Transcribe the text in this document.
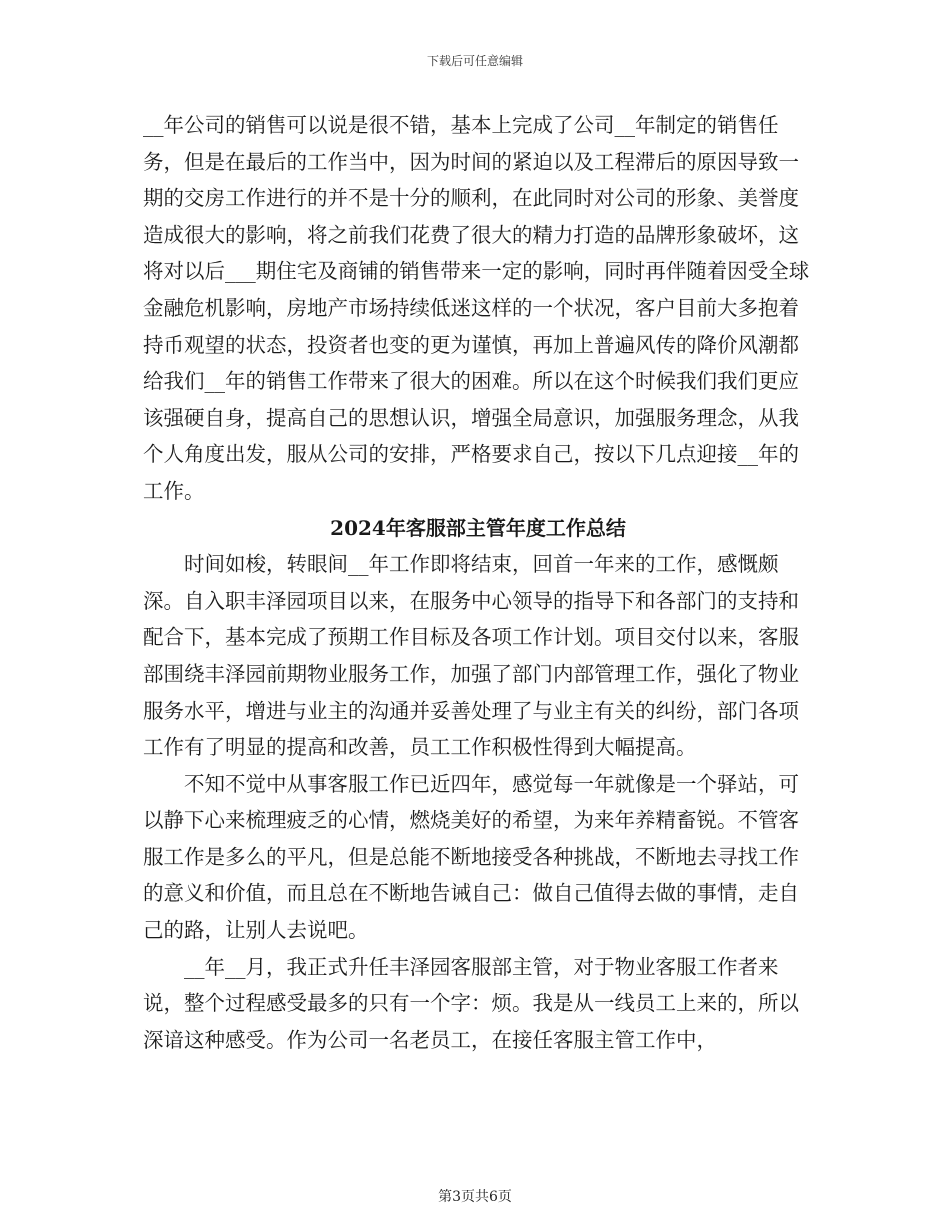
下载后可任意编辑

__年公司的销售可以说是很不错，基本上完成了公司__年制定的销售任务，但是在最后的工作当中，因为时间的紧迫以及工程滞后的原因导致一期的交房工作进行的并不是十分的顺利，在此同时对公司的形象、美誉度造成很大的影响，将之前我们花费了很大的精力打造的品牌形象破坏，这将对以后___期住宅及商铺的销售带来一定的影响，同时再伴随着因受全球金融危机影响，房地产市场持续低迷这样的一个状况，客户目前大多抱着持币观望的状态，投资者也变的更为谨慎，再加上普遍风传的降价风潮都给我们__年的销售工作带来了很大的困难。所以在这个时候我们我们更应该强硬自身，提高自己的思想认识，增强全局意识，加强服务理念，从我个人角度出发，服从公司的安排，严格要求自己，按以下几点迎接__年的工作。

2024年客服部主管年度工作总结

时间如梭，转眼间__年工作即将结束，回首一年来的工作，感慨颇深。自入职丰泽园项目以来，在服务中心领导的指导下和各部门的支持和配合下，基本完成了预期工作目标及各项工作计划。项目交付以来，客服部围绕丰泽园前期物业服务工作，加强了部门内部管理工作，强化了物业服务水平，增进与业主的沟通并妥善处理了与业主有关的纠纷，部门各项工作有了明显的提高和改善，员工工作积极性得到大幅提高。

不知不觉中从事客服工作已近四年，感觉每一年就像是一个驿站，可以静下心来梳理疲乏的心情，燃烧美好的希望，为来年养精畜锐。不管客服工作是多么的平凡，但是总能不断地接受各种挑战，不断地去寻找工作的意义和价值，而且总在不断地告诫自己：做自己值得去做的事情，走自己的路，让别人去说吧。

__年__月，我正式升任丰泽园客服部主管，对于物业客服工作者来说，整个过程感受最多的只有一个字：烦。我是从一线员工上来的，所以深谙这种感受。作为公司一名老员工，在接任客服主管工作中，

第3页共6页
